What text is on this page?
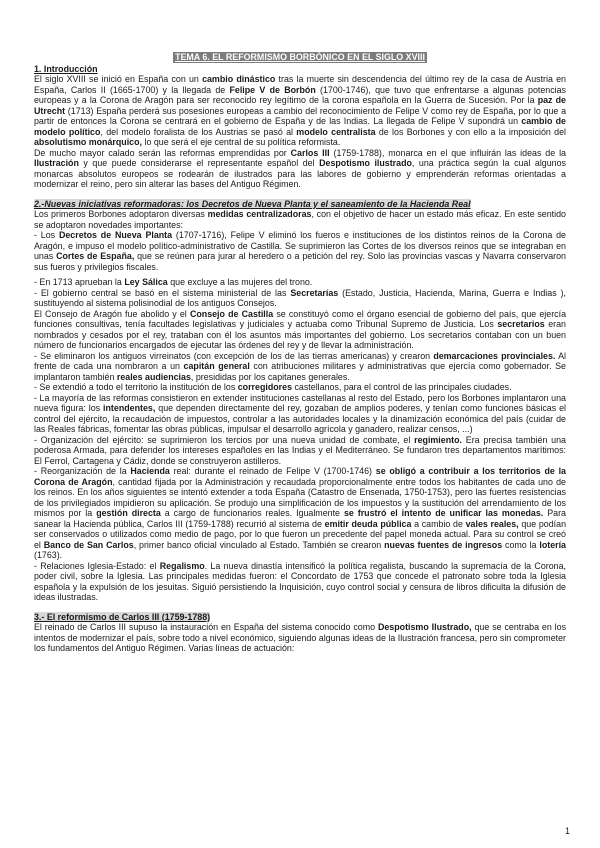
TEMA 6. EL REFORMISMO BORBÓNICO EN EL SIGLO XVIII
1. Introducción

El siglo XVIII se inició en España con un cambio dinástico tras la muerte sin descendencia del último rey de la casa de Austria en España, Carlos II (1665-1700) y la llegada de Felipe V de Borbón (1700-1746), que tuvo que enfrentarse a algunas potencias europeas y a la Corona de Aragón para ser reconocido rey legítimo de la corona española en la Guerra de Sucesión. Por la paz de Utrecht (1713) España perderá sus posesiones europeas a cambio del reconocimiento de Felipe V como rey de España, por lo que a partir de entonces la Corona se centrará en el gobierno de España y de las Indias. La llegada de Felipe V supondrá un cambio de modelo político, del modelo foralista de los Austrias se pasó al modelo centralista de los Borbones y con ello a la imposición del absolutismo monárquico, lo que será el eje central de su política reformista.

De mucho mayor calado serán las reformas emprendidas por Carlos III (1759-1788), monarca en el que influirán las ideas de la Ilustración y que puede considerarse el representante español del Despotismo ilustrado, una práctica según la cual algunos monarcas absolutos europeos se rodearán de ilustrados para las labores de gobierno y emprenderán reformas orientadas a modernizar el reino, pero sin alterar las bases del Antiguo Régimen.

2.-Nuevas iniciativas reformadoras: los Decretos de Nueva Planta y el saneamiento de la Hacienda Real

Los primeros Borbones adoptaron diversas medidas centralizadoras, con el objetivo de hacer un estado más eficaz. En este sentido se adoptaron novedades importantes:

- Los Decretos de Nueva Planta (1707-1716), Felipe V eliminó los fueros e instituciones de los distintos reinos de la Corona de Aragón, e impuso el modelo político-administrativo de Castilla. Se suprimieron las Cortes de los diversos reinos que se integraban en unas Cortes de España, que se reúnen para jurar al heredero o a petición del rey. Solo las provincias vascas y Navarra conservaron sus fueros y privilegios fiscales.

- En 1713 aprueban la Ley Sálica que excluye a las mujeres del trono.

- El gobierno central se basó en el sistema ministerial de las Secretarías (Estado, Justicia, Hacienda, Marina, Guerra e Indias ), sustituyendo al sistema polisinodial de los antiguos Consejos.

El Consejo de Aragón fue abolido y el Consejo de Castilla se constituyó como el órgano esencial de gobierno del país, que ejercía funciones consultivas, tenía facultades legislativas y judiciales y actuaba como Tribunal Supremo de Justicia. Los secretarios eran nombrados y cesados por el rey, trataban con él los asuntos más importantes del gobierno. Los secretarios contaban con un buen número de funcionarios encargados de ejecutar las órdenes del rey y de llevar la administración.

- Se eliminaron los antiguos virreinatos (con excepción de los de las tierras americanas) y crearon demarcaciones provinciales. Al frente de cada una nombraron a un capitán general con atribuciones militares y administrativas que ejercía como gobernador. Se implantaron también reales audiencias, presididas por los capitanes generales.

- Se extendió a todo el territorio la institución de los corregidores castellanos, para el control de las principales ciudades.

- La mayoría de las reformas consistieron en extender instituciones castellanas al resto del Estado, pero los Borbones implantaron una nueva figura: los intendentes, que dependen directamente del rey, gozaban de amplios poderes, y tenían como funciones básicas el control del ejército, la recaudación de impuestos, controlar a las autoridades locales y la dinamización económica del país (cuidar de las Reales fábricas, fomentar las obras públicas, impulsar el desarrollo agrícola y ganadero, realizar censos, ...)

- Organización del ejército: se suprimieron los tercios por una nueva unidad de combate, el regimiento. Era precisa también una poderosa Armada, para defender los intereses españoles en las Indias y el Mediterráneo. Se fundaron tres departamentos marítimos: El Ferrol, Cartagena y Cádiz, donde se construyeron astilleros.

- Reorganización de la Hacienda real: durante el reinado de Felipe V (1700-1746) se obligó a contribuir a los territorios de la Corona de Aragón, cantidad fijada por la Administración y recaudada proporcionalmente entre todos los habitantes de cada uno de los reinos. En los años siguientes se intentó extender a toda España (Catastro de Ensenada, 1750-1753), pero las fuertes resistencias de los privilegiados impidieron su aplicación. Se produjo una simplificación de los impuestos y la sustitución del arrendamiento de los mismos por la gestión directa a cargo de funcionarios reales. Igualmente se frustró el intento de unificar las monedas. Para sanear la Hacienda pública, Carlos III (1759-1788) recurrió al sistema de emitir deuda pública a cambio de vales reales, que podían ser conservados o utilizados como medio de pago, por lo que fueron un precedente del papel moneda actual. Para su control se creó el Banco de San Carlos, primer banco oficial vinculado al Estado. También se crearon nuevas fuentes de ingresos como la lotería (1763).

- Relaciones Iglesia-Estado: el Regalismo. La nueva dinastía intensificó la política regalista, buscando la supremacía de la Corona, poder civil, sobre la Iglesia. Las principales medidas fueron: el Concordato de 1753 que concede el patronato sobre toda la Iglesia española y la expulsión de los jesuitas. Siguió persistiendo la Inquisición, cuyo control social y censura de libros dificulta la difusión de ideas ilustradas.

3.- El reformismo de Carlos III (1759-1788)

El reinado de Carlos III supuso la instauración en España del sistema conocido como Despotismo Ilustrado, que se centraba en los intentos de modernizar el país, sobre todo a nivel económico, siguiendo algunas ideas de la Ilustración francesa, pero sin comprometer los fundamentos del Antiguo Régimen. Varias líneas de actuación:

1
